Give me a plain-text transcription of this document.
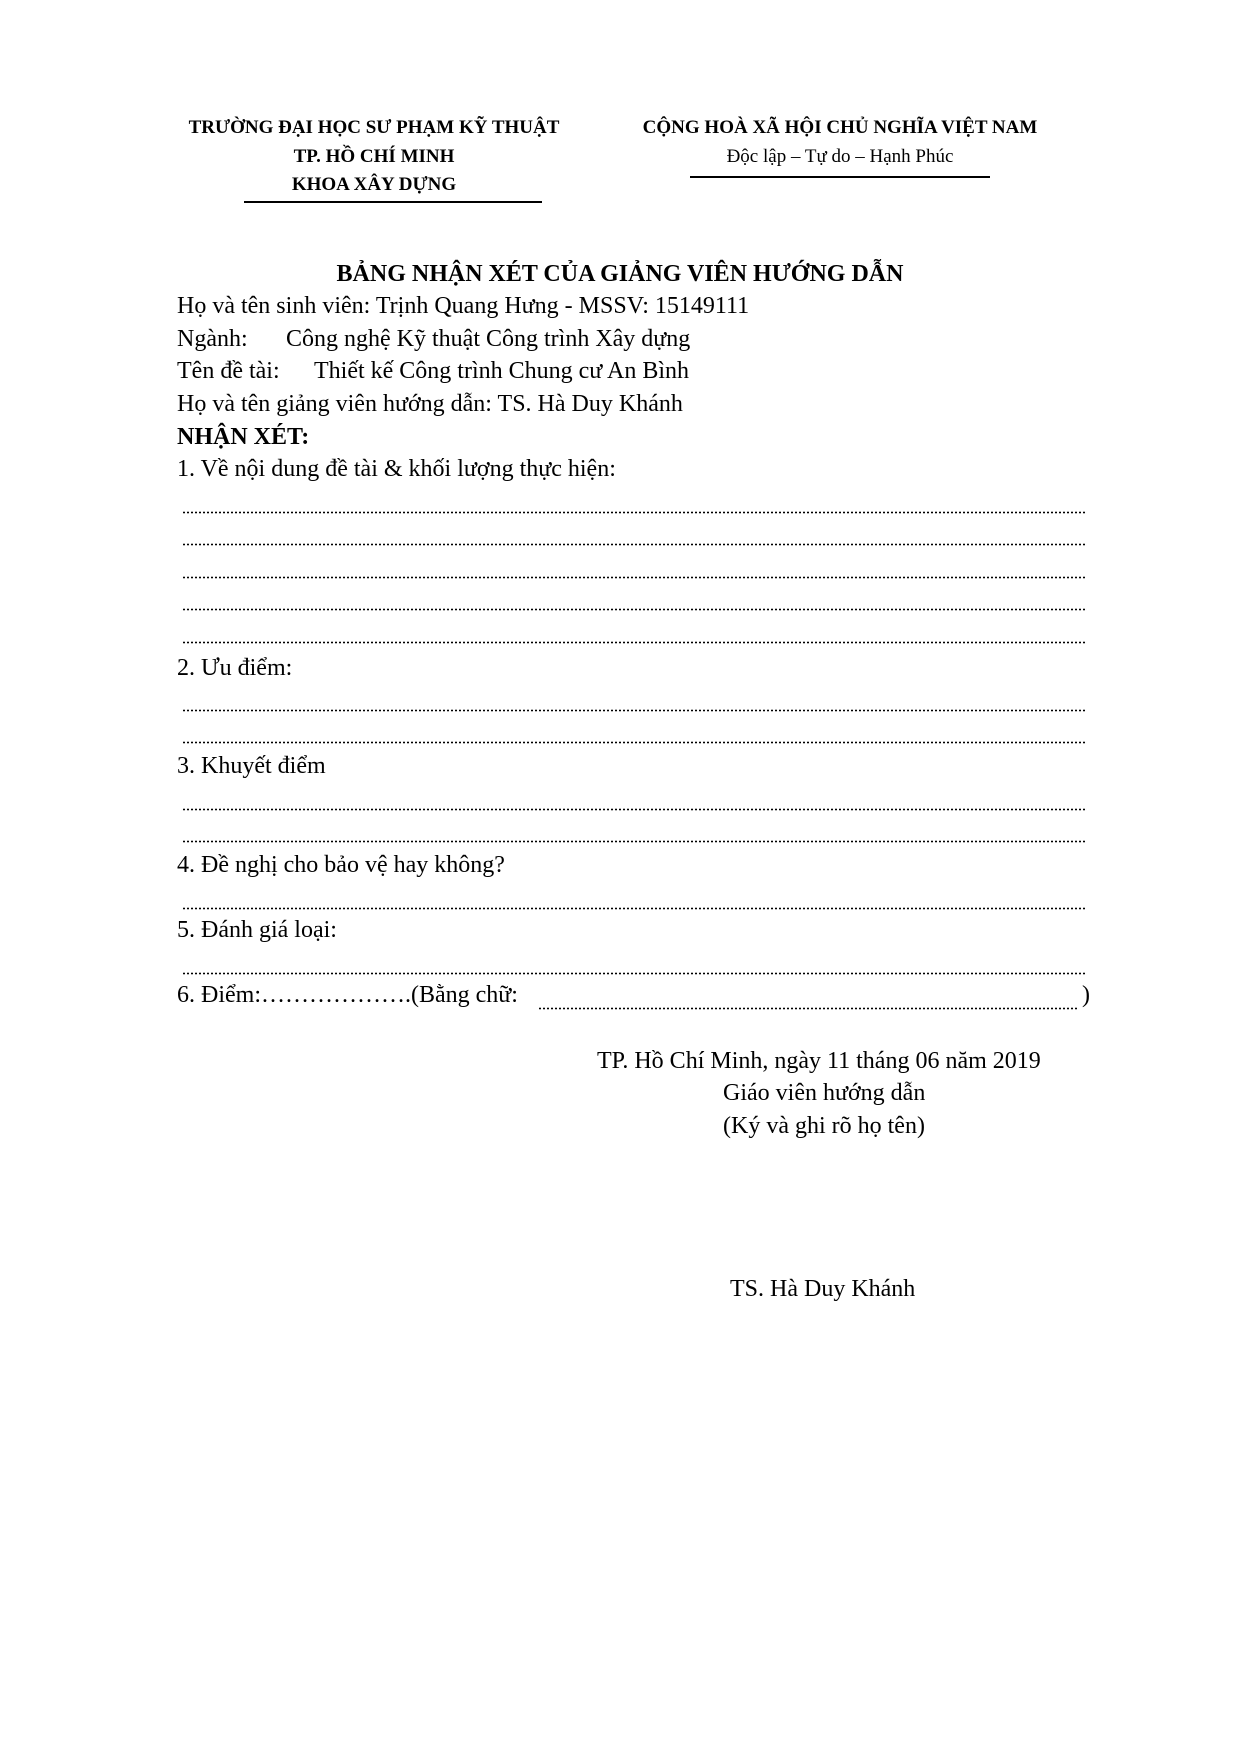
TRƯỜNG ĐẠI HỌC SƯ PHẠM KỸ THUẬT
TP. HỒ CHÍ MINH
KHOA XÂY DỰNG
CỘNG HOÀ XÃ HỘI CHỦ NGHĨA VIỆT NAM
Độc lập – Tự do – Hạnh Phúc
BẢNG NHẬN XÉT CỦA GIẢNG VIÊN HƯỚNG DẪN
Họ và tên sinh viên: Trịnh Quang Hưng - MSSV: 15149111
Ngành: Công nghệ Kỹ thuật Công trình Xây dựng
Tên đề tài: Thiết kế Công trình Chung cư An Bình
Họ và tên giảng viên hướng dẫn: TS. Hà Duy Khánh
NHẬN XÉT:
1. Về nội dung đề tài & khối lượng thực hiện:
2. Ưu điểm:
3. Khuyết điểm
4. Đề nghị cho bảo vệ hay không?
5. Đánh giá loại:
6. Điểm:……………….(Bằng chữ:	)
TP. Hồ Chí Minh, ngày 11 tháng 06 năm 2019
Giáo viên hướng dẫn
(Ký và ghi rõ họ tên)
TS. Hà Duy Khánh
